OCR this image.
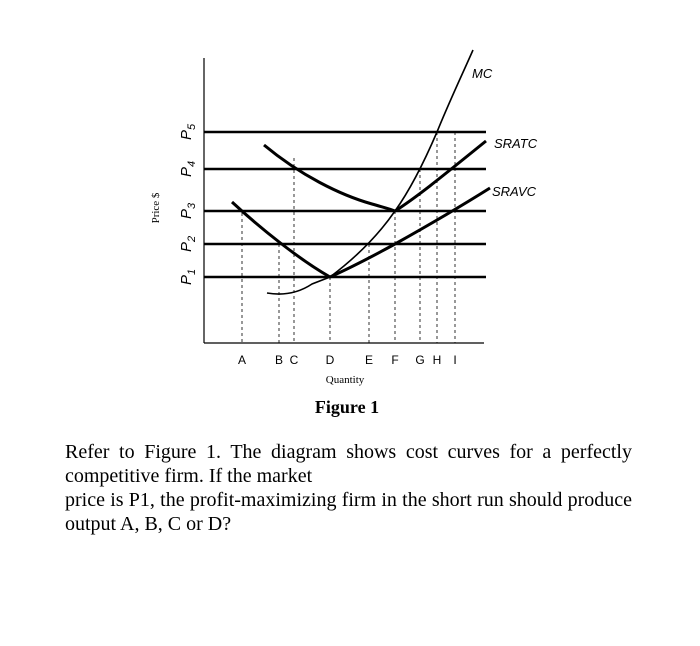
MC
SRATC
SRAVC
$P_1$
$P_2$
$P_3$
$P_4$
$P_5$
Price $
A B C D	E F G H I
Quantity
Figure 1

Refer to Figure 1. The diagram shows cost curves for a perfectly competitive firm. If the market
price is P1, the profit-maximizing firm in the short run should produce output A, B, C or D?
